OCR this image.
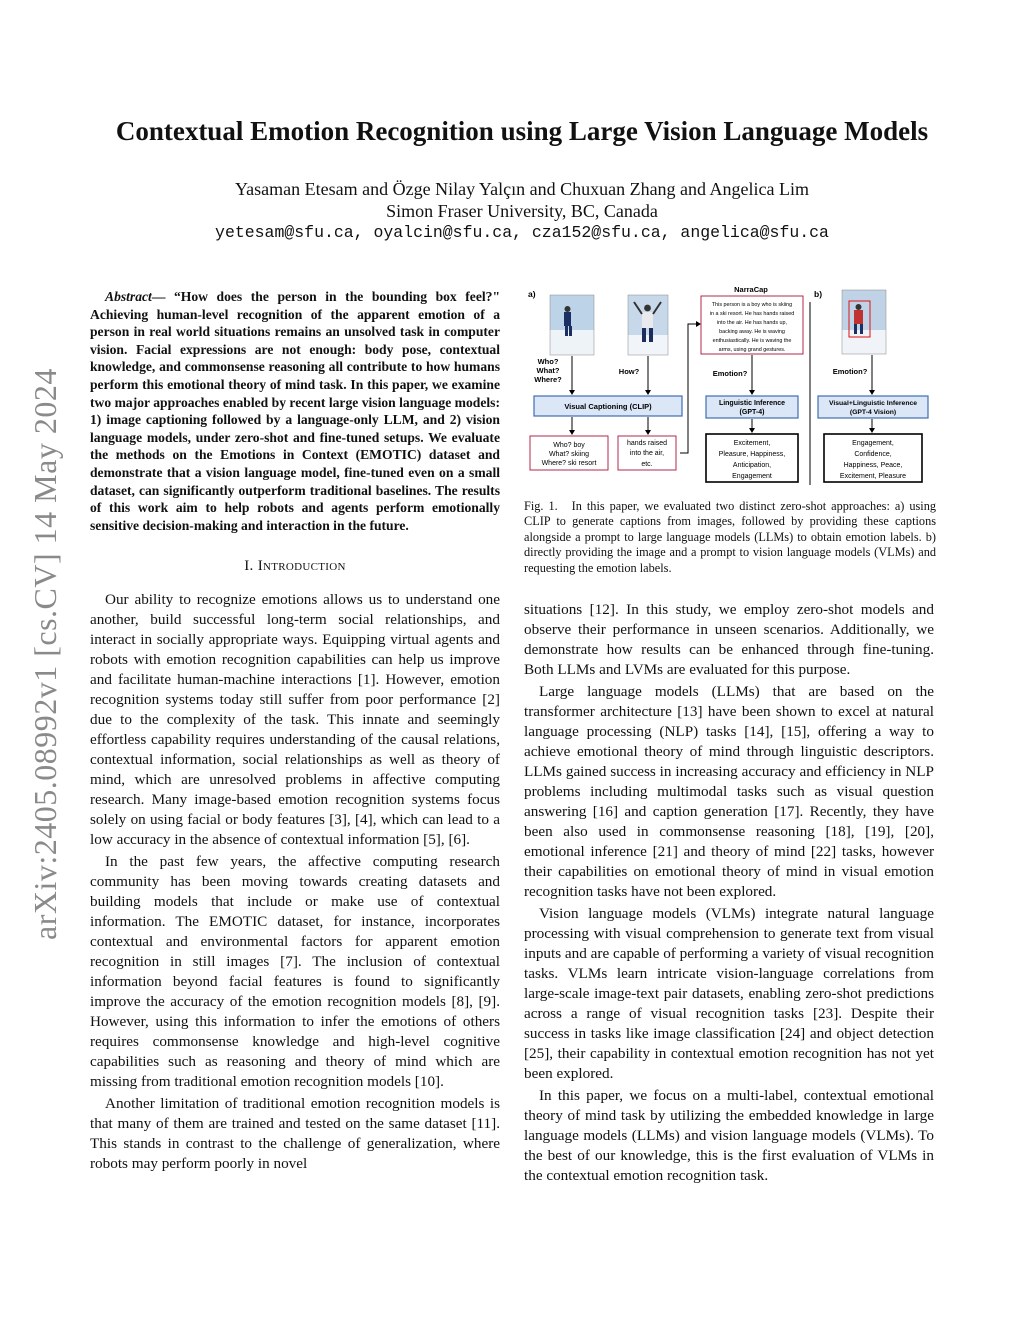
arXiv:2405.08992v1 [cs.CV] 14 May 2024
Contextual Emotion Recognition using Large Vision Language Models
Yasaman Etesam and Özge Nilay Yalçın and Chuxuan Zhang and Angelica Lim
Simon Fraser University, BC, Canada
yetesam@sfu.ca, oyalcin@sfu.ca, cza152@sfu.ca, angelica@sfu.ca

Abstract— “How does the person in the bounding box feel?" Achieving human-level recognition of the apparent emotion of a person in real world situations remains an unsolved task in computer vision. Facial expressions are not enough: body pose, contextual knowledge, and commonsense reasoning all contribute to how humans perform this emotional theory of mind task. In this paper, we examine two major approaches enabled by recent large vision language models: 1) image captioning followed by a language-only LLM, and 2) vision language models, under zero-shot and fine-tuned setups. We evaluate the methods on the Emotions in Context (EMOTIC) dataset and demonstrate that a vision language model, fine-tuned even on a small dataset, can significantly outperform traditional baselines. The results of this work aim to help robots and agents perform emotionally sensitive decision-making and interaction in the future.

I. Introduction

Our ability to recognize emotions allows us to understand one another, build successful long-term social relationships, and interact in socially appropriate ways. Equipping virtual agents and robots with emotion recognition capabilities can help us improve and facilitate human-machine interactions [1]. However, emotion recognition systems today still suffer from poor performance [2] due to the complexity of the task. This innate and seemingly effortless capability requires understanding of the causal relations, contextual information, social relationships as well as theory of mind, which are unresolved problems in affective computing research. Many image-based emotion recognition systems focus solely on using facial or body features [3], [4], which can lead to a low accuracy in the absence of contextual information [5], [6].

In the past few years, the affective computing research community has been moving towards creating datasets and building models that include or make use of contextual information. The EMOTIC dataset, for instance, incorporates contextual and environmental factors for apparent emotion recognition in still images [7]. The inclusion of contextual information beyond facial features is found to significantly improve the accuracy of the emotion recognition models [8], [9]. However, using this information to infer the emotions of others requires commonsense knowledge and high-level cognitive capabilities such as reasoning and theory of mind which are missing from traditional emotion recognition models [10].

Another limitation of traditional emotion recognition models is that many of them are trained and tested on the same dataset [11]. This stands in contrast to the challenge of generalization, where robots may perform poorly in novel

a)	b)
Who?
What?
Where?
How?
Visual Captioning (CLIP)
Who? boy
What? skiing
Where? ski resort
hands raised
into the air,
etc.
NarraCap
This person is a boy who is skiing
in a ski resort. He has hands raised
into the air. He has hands up,
backing away. He is waving
enthusiastically. He is waving the
arms, using grand gestures.
Emotion?
Linguistic Inference
(GPT-4)
Excitement,
Pleasure, Happiness,
Anticipation,
Engagement
Emotion?
Visual+Linguistic Inference
(GPT-4 Vision)
Engagement,
Confidence,
Happiness, Peace,
Excitement, Pleasure
Fig. 1. In this paper, we evaluated two distinct zero-shot approaches: a) using CLIP to generate captions from images, followed by providing these captions alongside a prompt to large language models (LLMs) to obtain emotion labels. b) directly providing the image and a prompt to vision language models (VLMs) and requesting the emotion labels.

situations [12]. In this study, we employ zero-shot models and observe their performance in unseen scenarios. Additionally, we demonstrate how results can be enhanced through fine-tuning. Both LLMs and LVMs are evaluated for this purpose.

Large language models (LLMs) that are based on the transformer architecture [13] have been shown to excel at natural language processing (NLP) tasks [14], [15], offering a way to achieve emotional theory of mind through linguistic descriptors. LLMs gained success in increasing accuracy and efficiency in NLP problems including multimodal tasks such as visual question answering [16] and caption generation [17]. Recently, they have been also used in commonsense reasoning [18], [19], [20], emotional inference [21] and theory of mind [22] tasks, however their capabilities on emotional theory of mind in visual emotion recognition tasks have not been explored.

Vision language models (VLMs) integrate natural language processing with visual comprehension to generate text from visual inputs and are capable of performing a variety of visual recognition tasks. VLMs learn intricate vision-language correlations from large-scale image-text pair datasets, enabling zero-shot predictions across a range of visual recognition tasks [23]. Despite their success in tasks like image classification [24] and object detection [25], their capability in contextual emotion recognition has not yet been explored.

In this paper, we focus on a multi-label, contextual emotional theory of mind task by utilizing the embedded knowledge in large language models (LLMs) and vision language models (VLMs). To the best of our knowledge, this is the first evaluation of VLMs in the contextual emotion recognition task.
